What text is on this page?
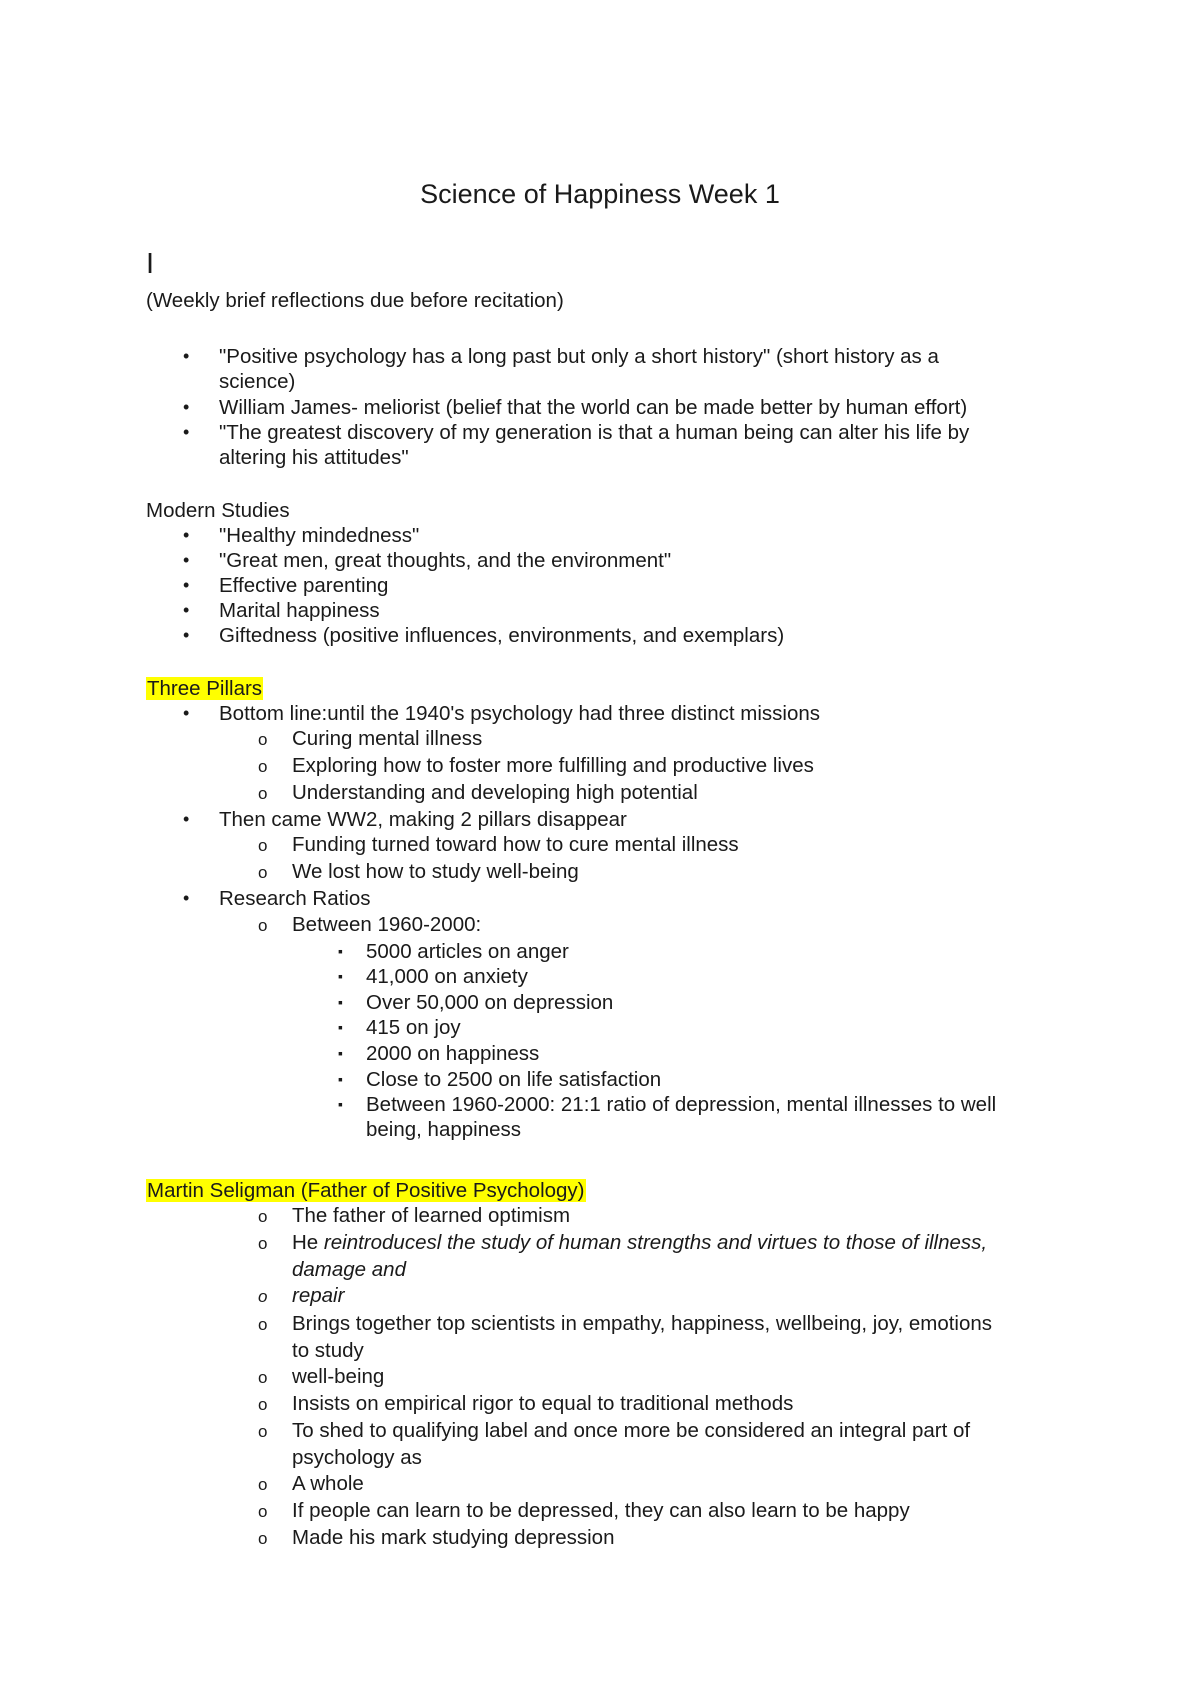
Science of Happiness Week 1
I
(Weekly brief reflections due before recitation)
• "Positive psychology has a long past but only a short history" (short history as a
science)
• William James- meliorist (belief that the world can be made better by human effort)
• "The greatest discovery of my generation is that a human being can alter his life by
altering his attitudes"
Modern Studies
• "Healthy mindedness"
• "Great men, great thoughts, and the environment"
• Effective parenting
• Marital happiness
• Giftedness (positive influences, environments, and exemplars)
Three Pillars
• Bottom line:until the 1940's psychology had three distinct missions
o Curing mental illness
o Exploring how to foster more fulfilling and productive lives
o Understanding and developing high potential
• Then came WW2, making 2 pillars disappear
o Funding turned toward how to cure mental illness
o We lost how to study well-being
• Research Ratios
o Between 1960-2000:
▪ 5000 articles on anger
▪ 41,000 on anxiety
▪ Over 50,000 on depression
▪ 415 on joy
▪ 2000 on happiness
▪ Close to 2500 on life satisfaction
▪ Between 1960-2000: 21:1 ratio of depression, mental illnesses to well
being, happiness
Martin Seligman (Father of Positive Psychology)
o The father of learned optimism
o He reintroducesl the study of human strengths and virtues to those of illness,
damage and
o repair
o Brings together top scientists in empathy, happiness, wellbeing, joy, emotions
to study
o well-being
o Insists on empirical rigor to equal to traditional methods
o To shed to qualifying label and once more be considered an integral part of
psychology as
o A whole
o If people can learn to be depressed, they can also learn to be happy
o Made his mark studying depression
